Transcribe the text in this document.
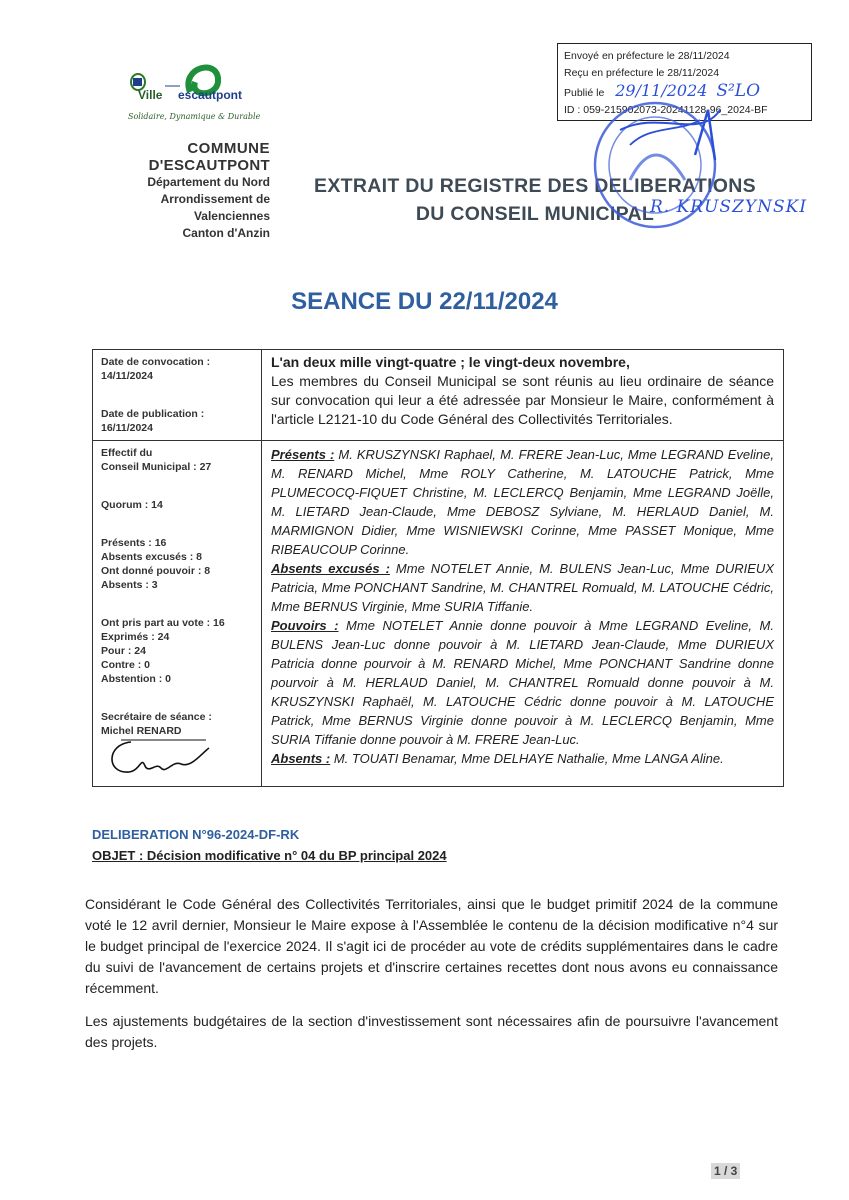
Envoyé en préfecture le 28/11/2024
Reçu en préfecture le 28/11/2024
Publié le 29/11/2024 S²LO
ID : 059-215902073-20241128-96_2024-BF
Ville escautpont
Solidaire, Dynamique & Durable
COMMUNE
D'ESCAUTPONT
Département du Nord
Arrondissement de
Valenciennes
Canton d'Anzin
EXTRAIT DU REGISTRE DES DELIBERATIONS
DU CONSEIL MUNICIPAL
R. KRUSZYNSKI
SEANCE DU 22/11/2024
Date de convocation :
14/11/2024
Date de publication :
16/11/2024

L'an deux mille vingt-quatre ; le vingt-deux novembre,

Les membres du Conseil Municipal se sont réunis au lieu ordinaire de séance sur convocation qui leur a été adressée par Monsieur le Maire, conformément à l'article L2121-10 du Code Général des Collectivités Territoriales.

Effectif du
Conseil Municipal : 27
Quorum : 14
Présents : 16
Absents excusés : 8
Ont donné pouvoir : 8
Absents : 3
Ont pris part au vote : 16
Exprimés : 24
Pour : 24
Contre : 0
Abstention : 0
Secrétaire de séance :
Michel RENARD

Présents : M. KRUSZYNSKI Raphael, M. FRERE Jean-Luc, Mme LEGRAND Eveline, M. RENARD Michel, Mme ROLY Catherine, M. LATOUCHE Patrick, Mme PLUMECOCQ-FIQUET Christine, M. LECLERCQ Benjamin, Mme LEGRAND Joëlle, M. LIETARD Jean-Claude, Mme DEBOSZ Sylviane, M. HERLAUD Daniel, M. MARMIGNON Didier, Mme WISNIEWSKI Corinne, Mme PASSET Monique, Mme RIBEAUCOUP Corinne.

Absents excusés : Mme NOTELET Annie, M. BULENS Jean-Luc, Mme DURIEUX Patricia, Mme PONCHANT Sandrine, M. CHANTREL Romuald, M. LATOUCHE Cédric, Mme BERNUS Virginie, Mme SURIA Tiffanie.

Pouvoirs : Mme NOTELET Annie donne pouvoir à Mme LEGRAND Eveline, M. BULENS Jean-Luc donne pouvoir à M. LIETARD Jean-Claude, Mme DURIEUX Patricia donne pourvoir à M. RENARD Michel, Mme PONCHANT Sandrine donne pourvoir à M. HERLAUD Daniel, M. CHANTREL Romuald donne pouvoir à M. KRUSZYNSKI Raphaël, M. LATOUCHE Cédric donne pouvoir à M. LATOUCHE Patrick, Mme BERNUS Virginie donne pouvoir à M. LECLERCQ Benjamin, Mme SURIA Tiffanie donne pouvoir à M. FRERE Jean-Luc.

Absents : M. TOUATI Benamar, Mme DELHAYE Nathalie, Mme LANGA Aline.

DELIBERATION N°96-2024-DF-RK
OBJET : Décision modificative n° 04 du BP principal 2024
Considérant le Code Général des Collectivités Territoriales, ainsi que le budget primitif 2024 de la commune voté le 12 avril dernier, Monsieur le Maire expose à l'Assemblée le contenu de la décision modificative n°4 sur le budget principal de l'exercice 2024. Il s'agit ici de procéder au vote de crédits supplémentaires dans le cadre du suivi de l'avancement de certains projets et d'inscrire certaines recettes dont nous avons eu connaissance récemment.
Les ajustements budgétaires de la section d'investissement sont nécessaires afin de poursuivre l'avancement des projets.
1 / 3
